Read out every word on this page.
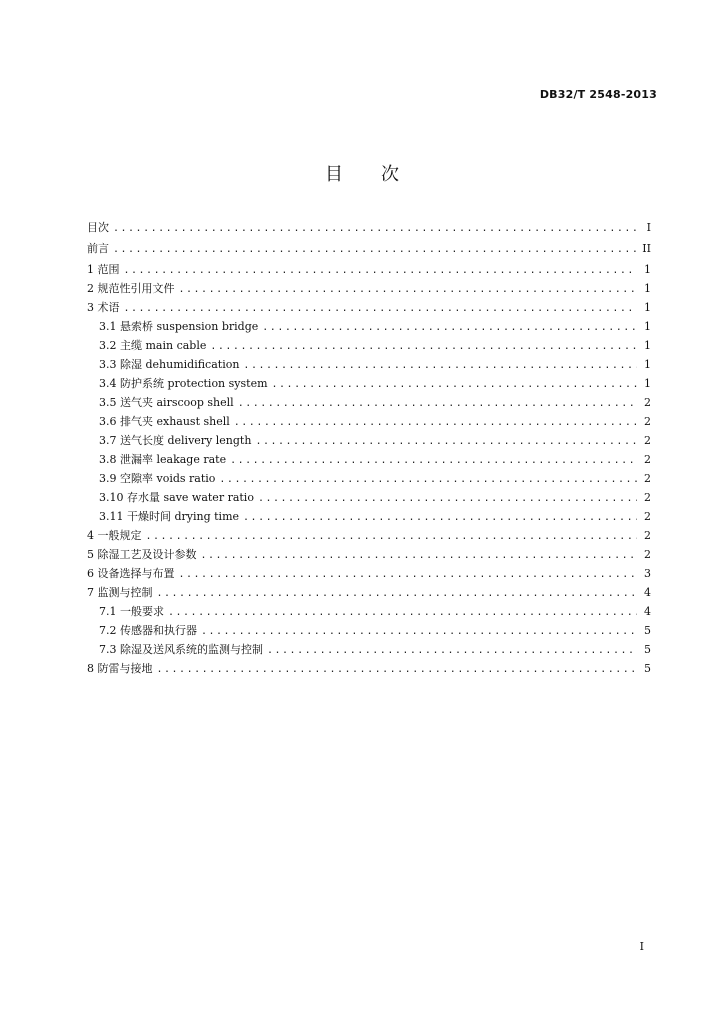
DB32/T 2548-2013
目 次
目次 .....	I
前言 .....	II
1 范围 .....	1
2 规范性引用文件 .....	1
3 术语 .....	1
3.1 悬索桥 suspension bridge .....	1
3.2 主缆 main cable .....	1
3.3 除湿 dehumidification .....	1
3.4 防护系统 protection system .....	1
3.5 送气夹 airscoop shell .....	2
3.6 排气夹 exhaust shell .....	2
3.7 送气长度 delivery length .....	2
3.8 泄漏率 leakage rate .....	2
3.9 空隙率 voids ratio .....	2
3.10 存水量 save water ratio .....	2
3.11 干燥时间 drying time .....	2
4 一般规定 .....	2
5 除湿工艺及设计参数 .....	2
6 设备选择与布置 .....	3
7 监测与控制 .....	4
7.1 一般要求 .....	4
7.2 传感器和执行器 .....	5
7.3 除湿及送风系统的监测与控制 .....	5
8 防雷与接地 .....	5
I
